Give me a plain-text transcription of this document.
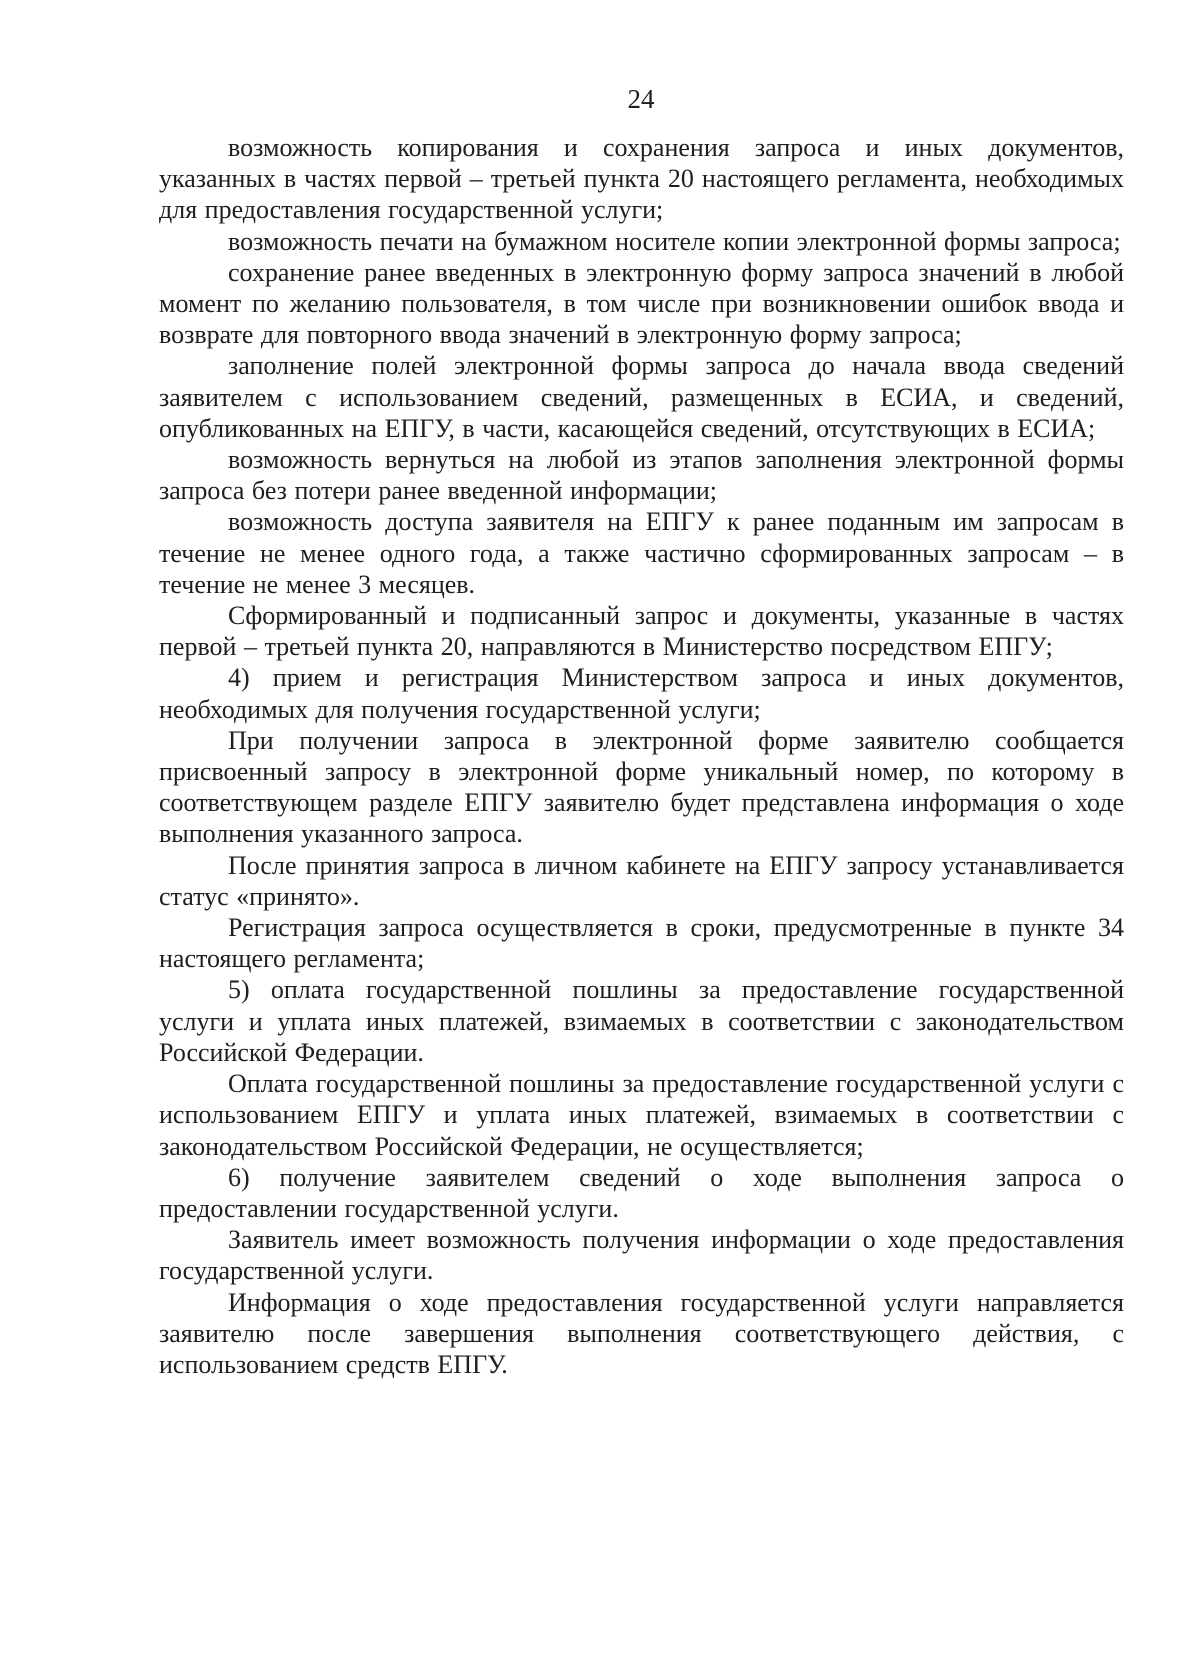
24

возможность копирования и сохранения запроса и иных документов, указанных в частях первой – третьей пункта 20 настоящего регламента, необходимых для предоставления государственной услуги;

возможность печати на бумажном носителе копии электронной формы запроса;

сохранение ранее введенных в электронную форму запроса значений в любой момент по желанию пользователя, в том числе при возникновении ошибок ввода и возврате для повторного ввода значений в электронную форму запроса;

заполнение полей электронной формы запроса до начала ввода сведений заявителем с использованием сведений, размещенных в ЕСИА, и сведений, опубликованных на ЕПГУ, в части, касающейся сведений, отсутствующих в ЕСИА;

возможность вернуться на любой из этапов заполнения электронной формы запроса без потери ранее введенной информации;

возможность доступа заявителя на ЕПГУ к ранее поданным им запросам в течение не менее одного года, а также частично сформированных запросам – в течение не менее 3 месяцев.

Сформированный и подписанный запрос и документы, указанные в частях первой – третьей пункта 20, направляются в Министерство посредством ЕПГУ;

4) прием и регистрация Министерством запроса и иных документов, необходимых для получения государственной услуги;

При получении запроса в электронной форме заявителю сообщается присвоенный запросу в электронной форме уникальный номер, по которому в соответствующем разделе ЕПГУ заявителю будет представлена информация о ходе выполнения указанного запроса.

После принятия запроса в личном кабинете на ЕПГУ запросу устанавливается статус «принято».

Регистрация запроса осуществляется в сроки, предусмотренные в пункте 34 настоящего регламента;

5) оплата государственной пошлины за предоставление государственной услуги и уплата иных платежей, взимаемых в соответствии с законодательством Российской Федерации.

Оплата государственной пошлины за предоставление государственной услуги с использованием ЕПГУ и уплата иных платежей, взимаемых в соответствии с законодательством Российской Федерации, не осуществляется;

6) получение заявителем сведений о ходе выполнения запроса о предоставлении государственной услуги.

Заявитель имеет возможность получения информации о ходе предоставления государственной услуги.

Информация о ходе предоставления государственной услуги направляется заявителю после завершения выполнения соответствующего действия, с использованием средств ЕПГУ.
